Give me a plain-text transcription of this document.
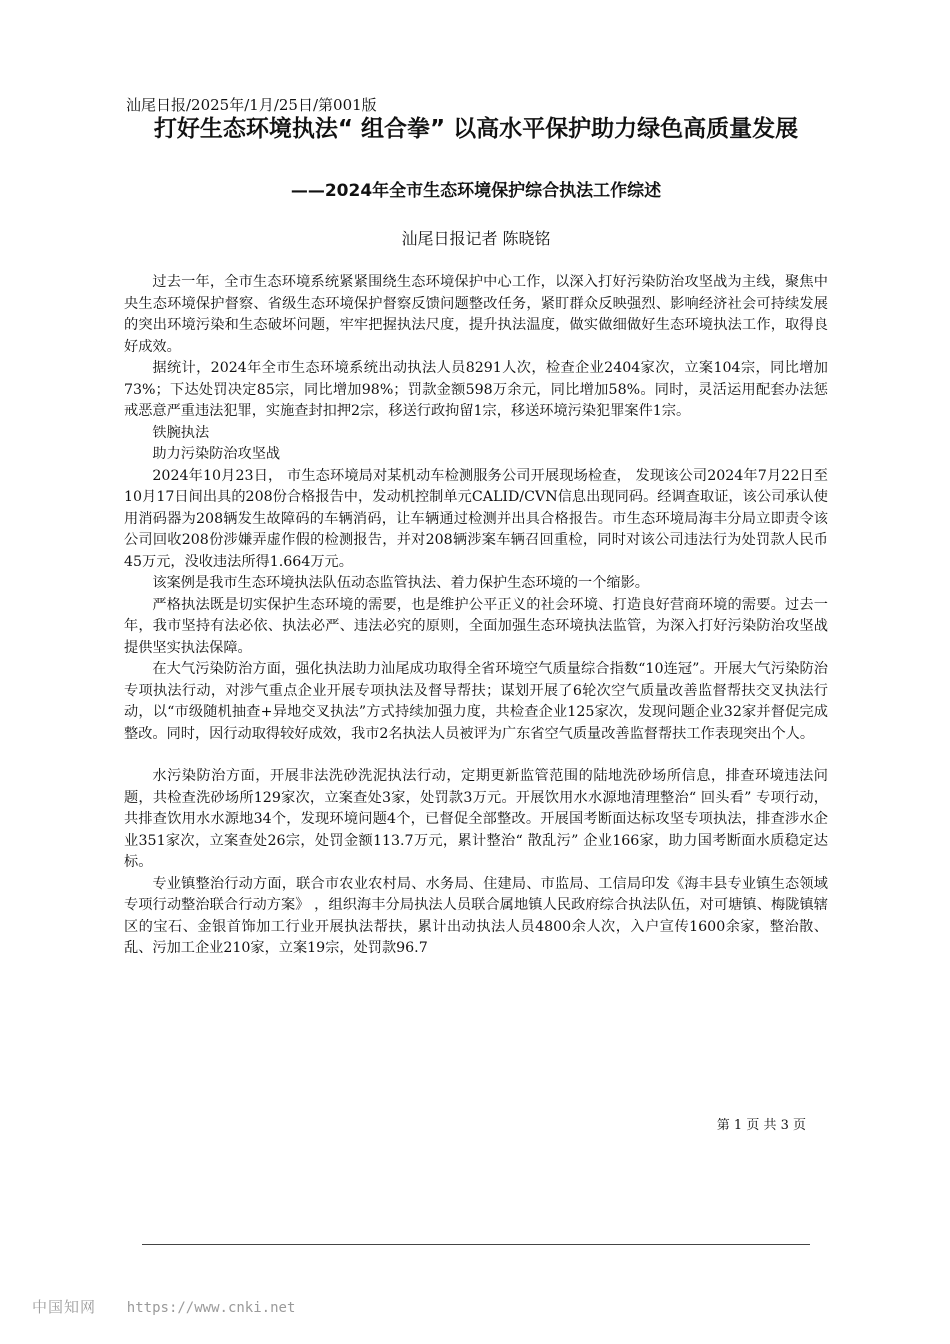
汕尾日报/2025年/1月/25日/第001版
打好生态环境执法“ 组合拳” 以高水平保护助力绿色高质量发展
——2024年全市生态环境保护综合执法工作综述
汕尾日报记者 陈晓铭

过去一年，全市生态环境系统紧紧围绕生态环境保护中心工作，以深入打好污染防治攻坚战为主线，聚焦中央生态环境保护督察、省级生态环境保护督察反馈问题整改任务，紧盯群众反映强烈、影响经济社会可持续发展的突出环境污染和生态破坏问题，牢牢把握执法尺度，提升执法温度，做实做细做好生态环境执法工作，取得良好成效。

据统计，2024年全市生态环境系统出动执法人员8291人次，检查企业2404家次，立案104宗，同比增加73%；下达处罚决定85宗，同比增加98%；罚款金额598万余元，同比增加58%。同时，灵活运用配套办法惩戒恶意严重违法犯罪，实施查封扣押2宗，移送行政拘留1宗，移送环境污染犯罪案件1宗。

铁腕执法

助力污染防治攻坚战

2024年10月23日， 市生态环境局对某机动车检测服务公司开展现场检查， 发现该公司2024年7月22日至10月17日间出具的208份合格报告中，发动机控制单元CALID/CVN信息出现同码。经调查取证，该公司承认使用消码器为208辆发生故障码的车辆消码，让车辆通过检测并出具合格报告。市生态环境局海丰分局立即责令该公司回收208份涉嫌弄虚作假的检测报告，并对208辆涉案车辆召回重检，同时对该公司违法行为处罚款人民币45万元，没收违法所得1.664万元。

该案例是我市生态环境执法队伍动态监管执法、着力保护生态环境的一个缩影。

严格执法既是切实保护生态环境的需要，也是维护公平正义的社会环境、打造良好营商环境的需要。过去一年，我市坚持有法必依、执法必严、违法必究的原则，全面加强生态环境执法监管，为深入打好污染防治攻坚战提供坚实执法保障。

在大气污染防治方面，强化执法助力汕尾成功取得全省环境空气质量综合指数“10连冠”。开展大气污染防治专项执法行动，对涉气重点企业开展专项执法及督导帮扶；谋划开展了6轮次空气质量改善监督帮扶交叉执法行动，以“市级随机抽查+异地交叉执法”方式持续加强力度，共检查企业125家次，发现问题企业32家并督促完成整改。同时，因行动取得较好成效，我市2名执法人员被评为广东省空气质量改善监督帮扶工作表现突出个人。

水污染防治方面，开展非法洗砂洗泥执法行动，定期更新监管范围的陆地洗砂场所信息，排查环境违法问题，共检查洗砂场所129家次，立案查处3家，处罚款3万元。开展饮用水水源地清理整治“ 回头看” 专项行动，共排查饮用水水源地34个，发现环境问题4个，已督促全部整改。开展国考断面达标攻坚专项执法，排查涉水企业351家次，立案查处26宗，处罚金额113.7万元，累计整治“ 散乱污” 企业166家，助力国考断面水质稳定达标。

专业镇整治行动方面，联合市农业农村局、水务局、住建局、市监局、工信局印发《海丰县专业镇生态领域专项行动整治联合行动方案》 ，组织海丰分局执法人员联合属地镇人民政府综合执法队伍，对可塘镇、梅陇镇辖区的宝石、金银首饰加工行业开展执法帮扶，累计出动执法人员4800余人次，入户宣传1600余家，整治散、乱、污加工企业210家，立案19宗，处罚款96.7

第 1 页 共 3 页
中国知网 https://www.cnki.net
